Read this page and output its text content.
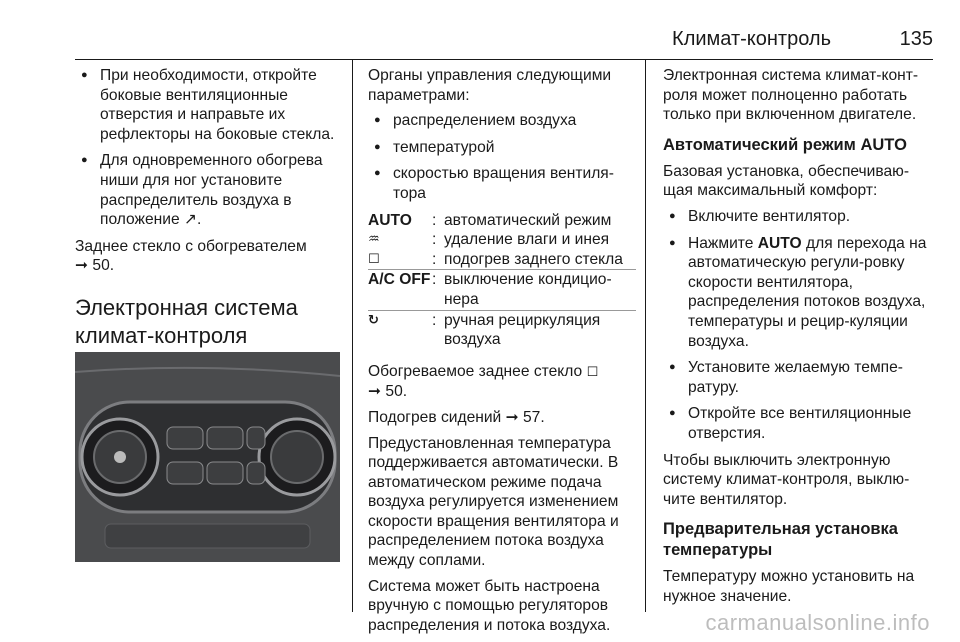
Климат-контроль	135
● При необходимости, откройте боковые вентиляционные отверстия и направьте их рефлекторы на боковые стекла.
● Для одновременного обогрева ниши для ног установите распределитель воздуха в положение ↗.

Заднее стекло с обогревателем
➞ 50.

Электронная система климат-контроля

Органы управления следующими параметрами:

● распределением воздуха
● температурой
● скоростью вращения вентиля-тора
AUTO	: автоматический режим
♒	: удаление влаги и инея
☐	: подогрев заднего стекла
A/C OFF : выключение кондицио-нера
↻	: ручная рециркуляция воздуха

Обогреваемое заднее стекло ☐
➞ 50.

Подогрев сидений ➞ 57.

Предустановленная температура поддерживается автоматически. В автоматическом режиме подача воздуха регулируется изменением скорости вращения вентилятора и распределением потока воздуха между соплами.

Система может быть настроена вручную с помощью регуляторов распределения и потока воздуха.

Электронная система климат-конт-роля может полноценно работать только при включенном двигателе.

Автоматический режим AUTO

Базовая установка, обеспечиваю-щая максимальный комфорт:

● Включите вентилятор.
● Нажмите AUTO для перехода на автоматическую регули-ровку скорости вентилятора, распределения потоков воздуха, температуры и рецир-куляции воздуха.
● Установите желаемую темпе-ратуру.
● Откройте все вентиляционные отверстия.

Чтобы выключить электронную систему климат-контроля, выклю-чите вентилятор.

Предварительная установка температуры

Температуру можно установить на нужное значение.

carmanualsonline.info
